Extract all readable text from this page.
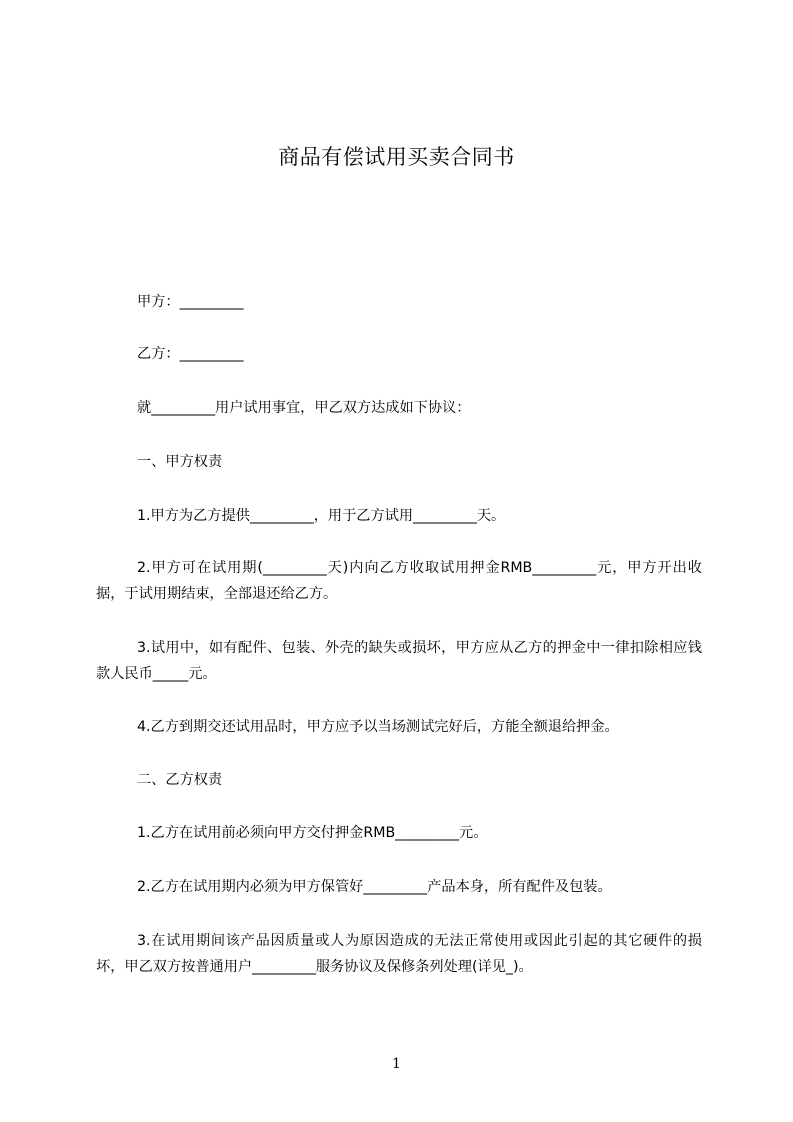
商品有偿试用买卖合同书
甲方：_________
乙方：_________
就_________用户试用事宜，甲乙双方达成如下协议：
一、甲方权责
1.甲方为乙方提供_________，用于乙方试用_________天。
2.甲方可在试用期(_________天)内向乙方收取试用押金RMB_________元，甲方开出收据，于试用期结束，全部退还给乙方。
3.试用中，如有配件、包装、外壳的缺失或损坏，甲方应从乙方的押金中一律扣除相应钱款人民币_____元。
4.乙方到期交还试用品时，甲方应予以当场测试完好后，方能全额退给押金。
二、乙方权责
1.乙方在试用前必须向甲方交付押金RMB_________元。
2.乙方在试用期内必须为甲方保管好_________产品本身，所有配件及包装。
3.在试用期间该产品因质量或人为原因造成的无法正常使用或因此引起的其它硬件的损坏，甲乙双方按普通用户_________服务协议及保修条列处理(详见_)。
1
